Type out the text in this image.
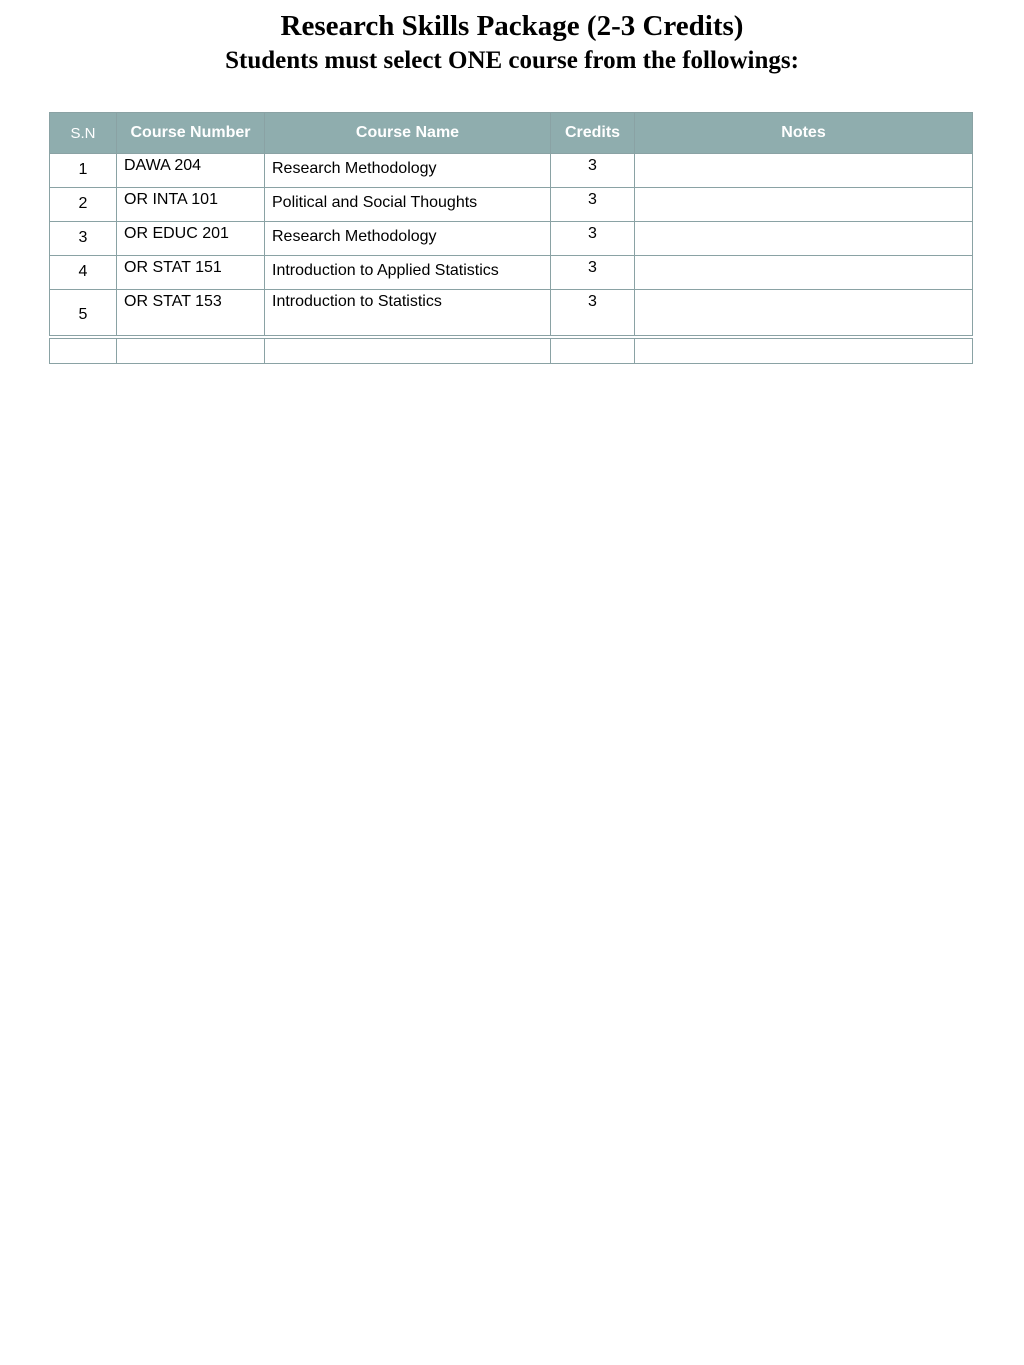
Research Skills Package (2-3 Credits)
Students must select ONE course from the followings:
S.N	Course Number	Course Name	Credits	Notes
1	DAWA 204	Research Methodology	3	
2	OR INTA 101	Political and Social Thoughts	3	
3	OR EDUC 201	Research Methodology	3	
4	OR STAT 151	Introduction to Applied Statistics	3	
5	OR STAT 153	Introduction to Statistics	3	
